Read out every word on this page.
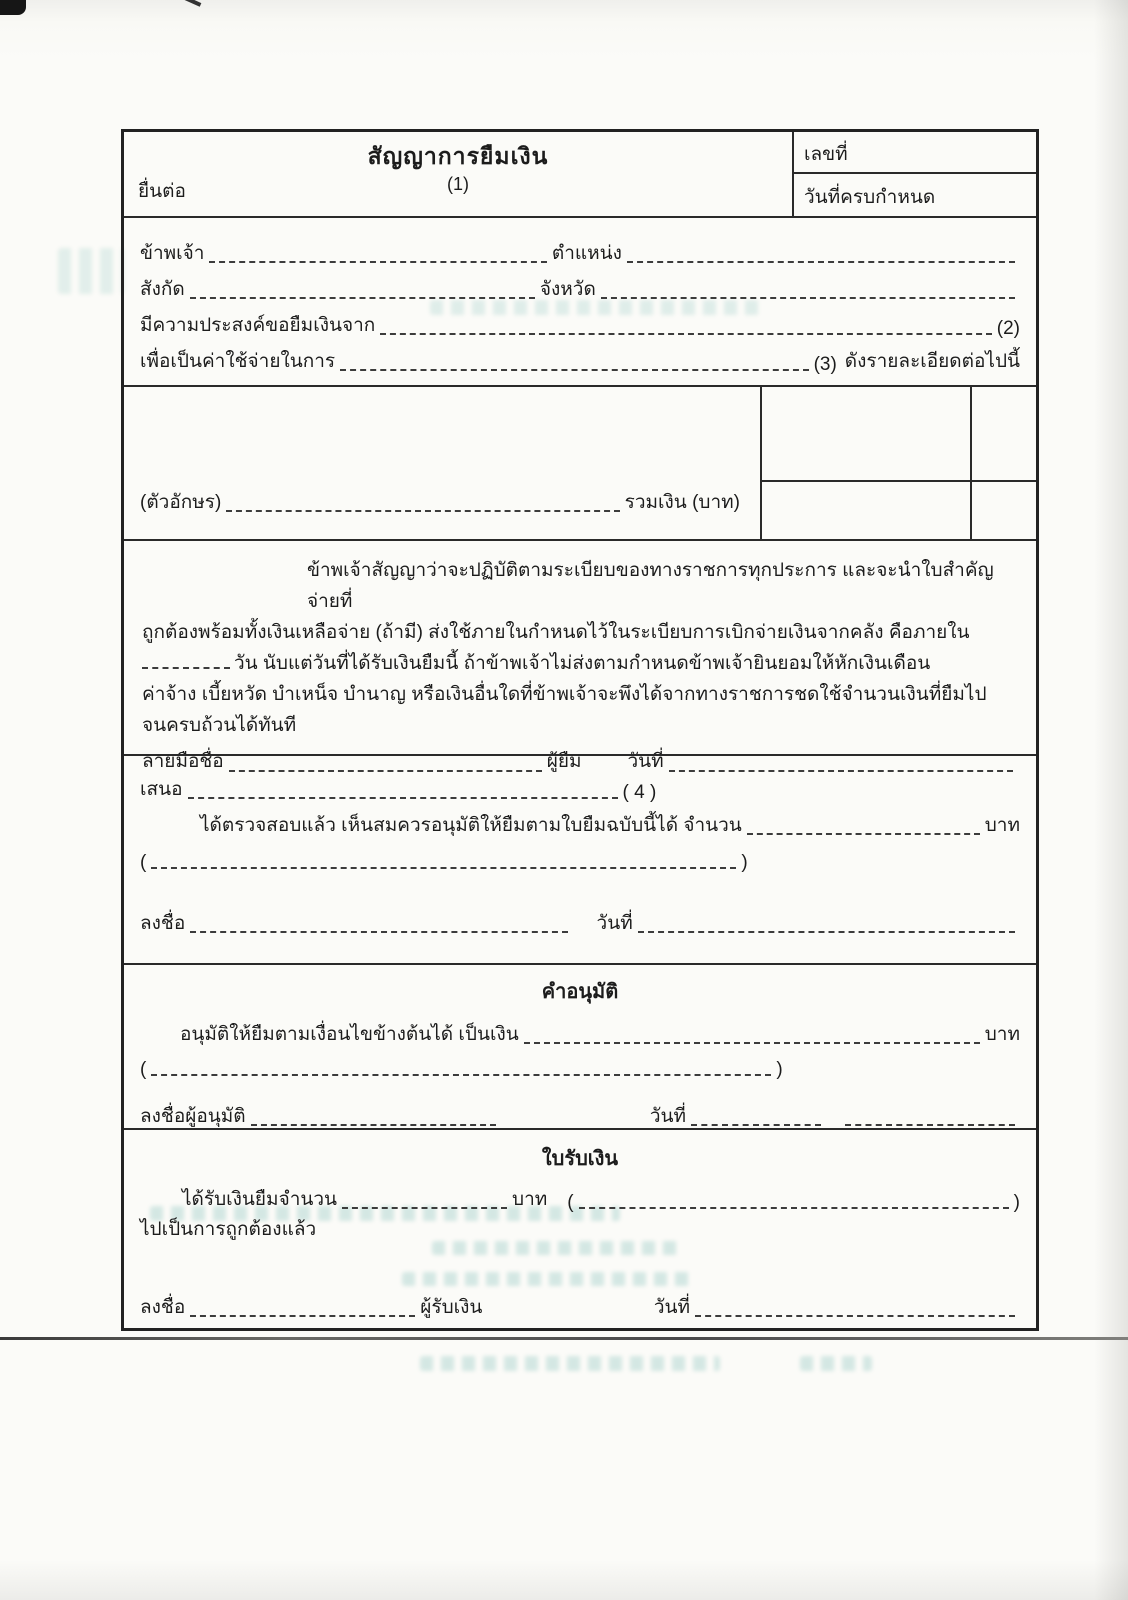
สัญญาการยืมเงิน
(1)
ยื่นต่อ
เลขที่
วันที่ครบกำหนด
ข้าพเจ้า	ตำแหน่ง
สังกัด	จังหวัด
มีความประสงค์ขอยืมเงินจาก	(2)
เพื่อเป็นค่าใช้จ่ายในการ	(3) ดังรายละเอียดต่อไปนี้
(ตัวอักษร)	รวมเงิน (บาท)
ข้าพเจ้าสัญญาว่าจะปฏิบัติตามระเบียบของทางราชการทุกประการ และจะนำใบสำคัญจ่ายที่
ถูกต้องพร้อมทั้งเงินเหลือจ่าย (ถ้ามี) ส่งใช้ภายในกำหนดไว้ในระเบียบการเบิกจ่ายเงินจากคลัง คือภายใน
วัน นับแต่วันที่ได้รับเงินยืมนี้ ถ้าข้าพเจ้าไม่ส่งตามกำหนดข้าพเจ้ายินยอมให้หักเงินเดือน
ค่าจ้าง เบี้ยหวัด บำเหน็จ บำนาญ หรือเงินอื่นใดที่ข้าพเจ้าจะพึงได้จากทางราชการชดใช้จำนวนเงินที่ยืมไป
จนครบถ้วนได้ทันที
ลายมือชื่อ	ผู้ยืม วันที่
เสนอ	( 4 )
ได้ตรวจสอบแล้ว เห็นสมควรอนุมัติให้ยืมตามใบยืมฉบับนี้ได้ จำนวน	บาท
(	)
ลงชื่อ	วันที่
คำอนุมัติ
อนุมัติให้ยืมตามเงื่อนไขข้างต้นได้ เป็นเงิน	บาท
(	)
ลงชื่อผู้อนุมัติ	วันที่
ใบรับเงิน
ได้รับเงินยืมจำนวน	บาท (	)
ไปเป็นการถูกต้องแล้ว
ลงชื่อ	ผู้รับเงิน	วันที่
